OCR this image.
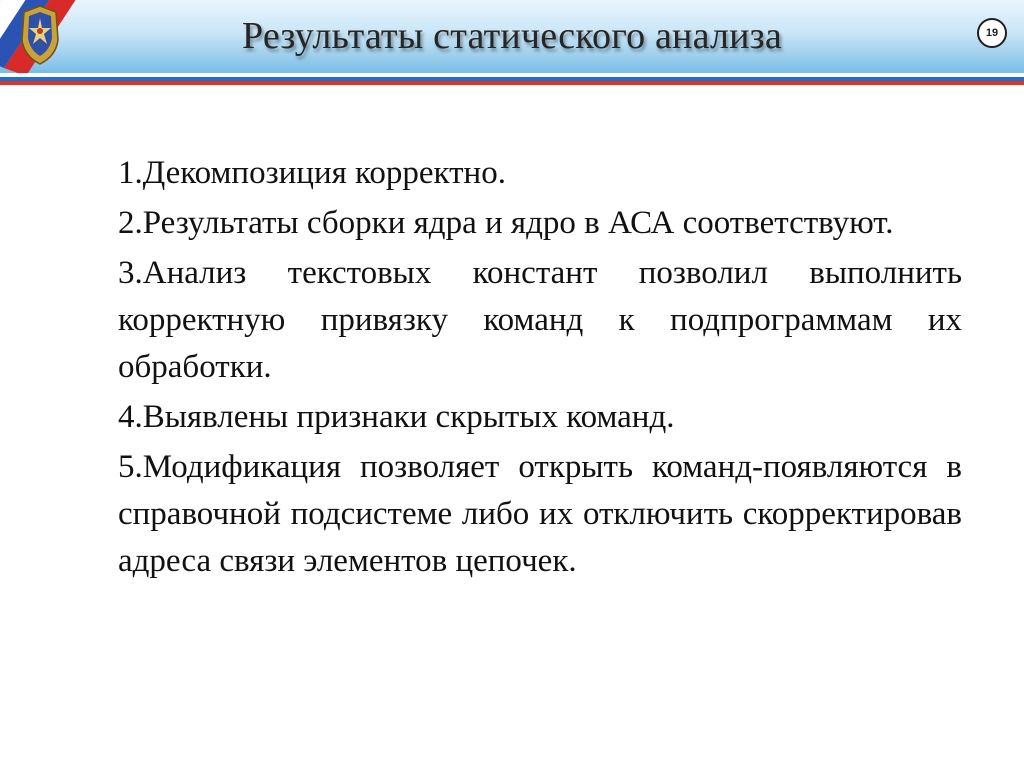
Результаты статического анализа	19

1.Декомпозиция корректно.

2.Результаты сборки ядра и ядро в АСА соответствуют.

3.Анализ текстовых констант позволил выполнить корректную привязку команд к подпрограммам их обработки.

4.Выявлены признаки скрытых команд.

5.Модификация позволяет открыть команд-появляются в справочной подсистеме либо их отключить скорректировав адреса связи элементов цепочек.
